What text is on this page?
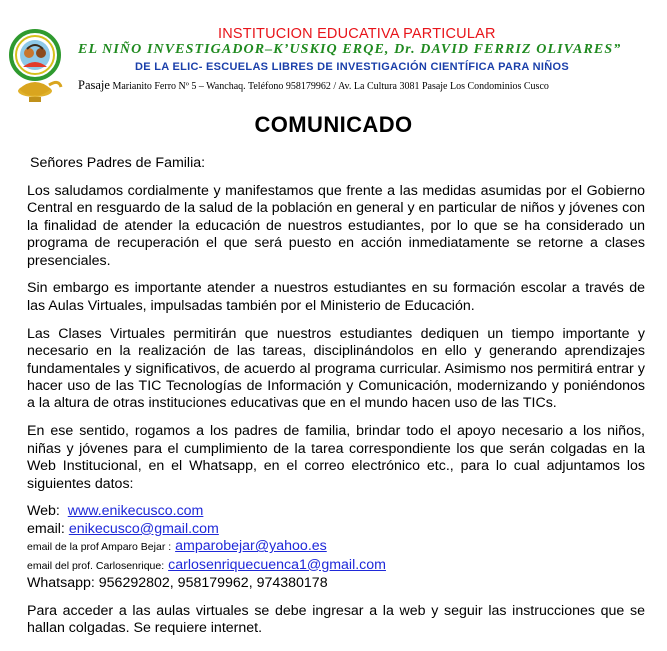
INSTITUCION EDUCATIVA PARTICULAR
EL NIÑO INVESTIGADOR–K’USKIQ ERQE, Dr. DAVID FERRIZ OLIVARES”
DE LA ELIC- ESCUELAS LIBRES DE INVESTIGACIÓN CIENTÍFICA PARA NIÑOS
Pasaje Marianito Ferro Nº 5 – Wanchaq. Teléfono 958179962 / Av. La Cultura 3081 Pasaje Los Condominios Cusco
COMUNICADO
Señores Padres de Familia:

Los saludamos cordialmente y manifestamos que frente a las medidas asumidas por el Gobierno Central en resguardo de la salud de la población en general y en particular de niños y jóvenes con la finalidad de atender la educación de nuestros estudiantes, por lo que se ha considerado un programa de recuperación el que será puesto en acción inmediatamente se retorne a clases presenciales.

Sin embargo es importante atender a nuestros estudiantes en su formación escolar a través de las Aulas Virtuales, impulsadas también por el Ministerio de Educación.

Las Clases Virtuales permitirán que nuestros estudiantes dediquen un tiempo importante y necesario en la realización de las tareas, disciplinándolos en ello y generando aprendizajes fundamentales y significativos, de acuerdo al programa curricular. Asimismo nos permitirá entrar y hacer uso de las TIC Tecnologías de Información y Comunicación, modernizando y poniéndonos a la altura de otras instituciones educativas que en el mundo hacen uso de las TICs.

En ese sentido, rogamos a los padres de familia, brindar todo el apoyo necesario a los niños, niñas y jóvenes para el cumplimiento de la tarea correspondiente los que serán colgadas en la Web Institucional, en el Whatsapp, en el correo electrónico etc., para lo cual adjuntamos los siguientes datos:

Web: www.enikecusco.com
email: enikecusco@gmail.com
email de la prof Amparo Bejar : amparobejar@yahoo.es
email del prof. Carlosenrique: carlosenriquecuenca1@gmail.com
Whatsapp: 956292802, 958179962, 974380178

Para acceder a las aulas virtuales se debe ingresar a la web y seguir las instrucciones que se hallan colgadas. Se requiere internet.
